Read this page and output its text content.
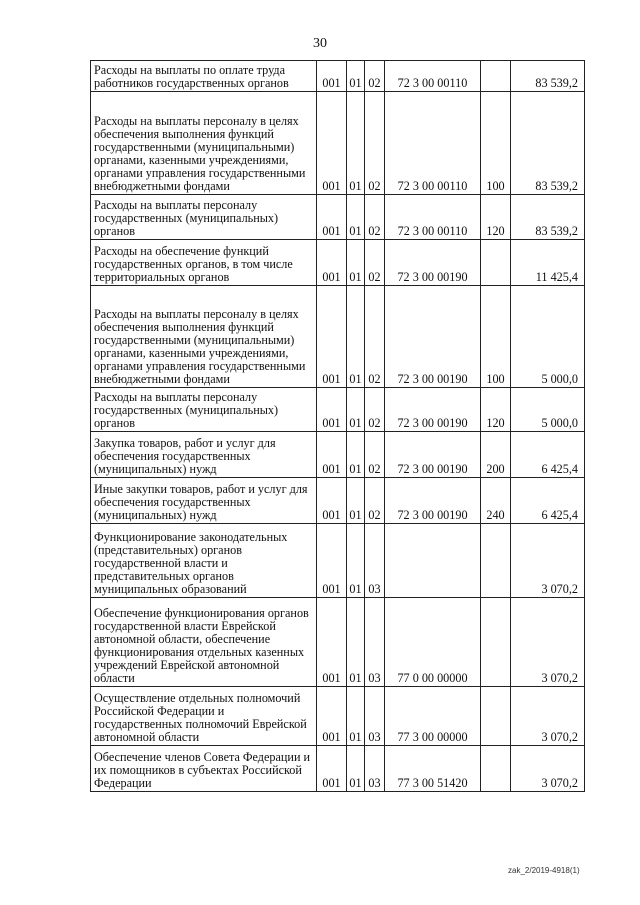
30
Расходы на выплаты по оплате труда работников государственных органов	001	01	02	72 3 00 00110		83 539,2
Расходы на выплаты персоналу в целях обеспечения выполнения функций государственными (муниципальными) органами, казенными учреждениями, органами управления государственными внебюджетными фондами	001	01	02	72 3 00 00110	100	83 539,2
Расходы на выплаты персоналу государственных (муниципальных) органов	001	01	02	72 3 00 00110	120	83 539,2
Расходы на обеспечение функций государственных органов, в том числе территориальных органов	001	01	02	72 3 00 00190		11 425,4
Расходы на выплаты персоналу в целях обеспечения выполнения функций государственными (муниципальными) органами, казенными учреждениями, органами управления государственными внебюджетными фондами	001	01	02	72 3 00 00190	100	5 000,0
Расходы на выплаты персоналу государственных (муниципальных) органов	001	01	02	72 3 00 00190	120	5 000,0
Закупка товаров, работ и услуг для обеспечения государственных (муниципальных) нужд	001	01	02	72 3 00 00190	200	6 425,4
Иные закупки товаров, работ и услуг для обеспечения государственных (муниципальных) нужд	001	01	02	72 3 00 00190	240	6 425,4
Функционирование законодательных (представительных) органов государственной власти и представительных органов муниципальных образований	001	01	03			3 070,2
Обеспечение функционирования органов государственной власти Еврейской автономной области, обеспечение функционирования отдельных казенных учреждений Еврейской автономной области	001	01	03	77 0 00 00000		3 070,2
Осуществление отдельных полномочий Российской Федерации и государственных полномочий Еврейской автономной области	001	01	03	77 3 00 00000		3 070,2
Обеспечение членов Совета Федерации и их помощников в субъектах Российской Федерации	001	01	03	77 3 00 51420		3 070,2
zak_2/2019-4918(1)
